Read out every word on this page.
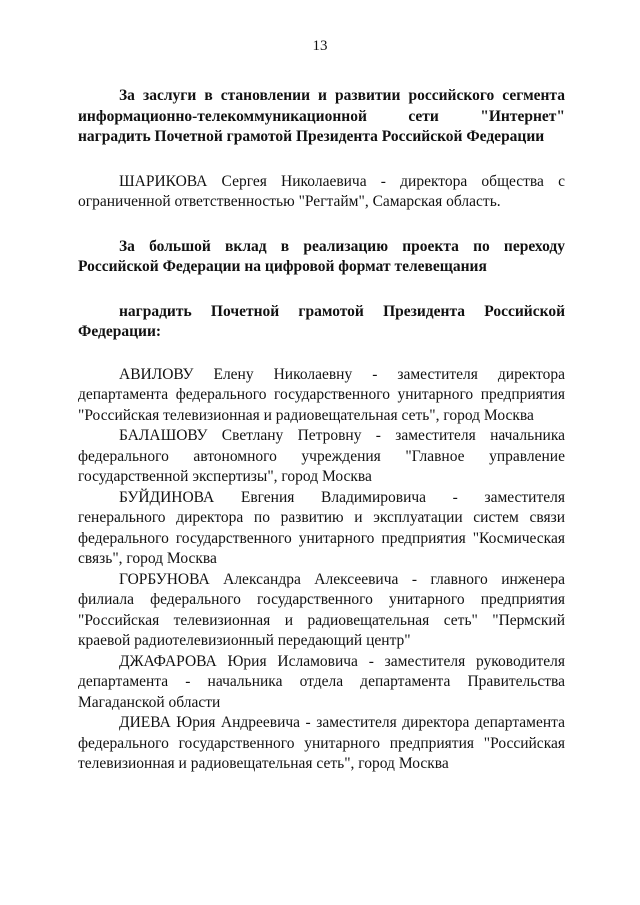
13

За заслуги в становлении и развитии российского сегмента информационно-телекоммуникационной сети "Интернет" наградить Почетной грамотой Президента Российской Федерации

ШАРИКОВА Сергея Николаевича - директора общества с ограниченной ответственностью "Регтайм", Самарская область.

За большой вклад в реализацию проекта по переходу Российской Федерации на цифровой формат телевещания

наградить Почетной грамотой Президента Российской Федерации:

АВИЛОВУ Елену Николаевну - заместителя директора департамента федерального государственного унитарного предприятия "Российская телевизионная и радиовещательная сеть", город Москва

БАЛАШОВУ Светлану Петровну - заместителя начальника федерального автономного учреждения "Главное управление государственной экспертизы", город Москва

БУЙДИНОВА Евгения Владимировича - заместителя генерального директора по развитию и эксплуатации систем связи федерального государственного унитарного предприятия "Космическая связь", город Москва

ГОРБУНОВА Александра Алексеевича - главного инженера филиала федерального государственного унитарного предприятия "Российская телевизионная и радиовещательная сеть" "Пермский краевой радиотелевизионный передающий центр"

ДЖАФАРОВА Юрия Исламовича - заместителя руководителя департамента - начальника отдела департамента Правительства Магаданской области

ДИЕВА Юрия Андреевича - заместителя директора департамента федерального государственного унитарного предприятия "Российская телевизионная и радиовещательная сеть", город Москва
